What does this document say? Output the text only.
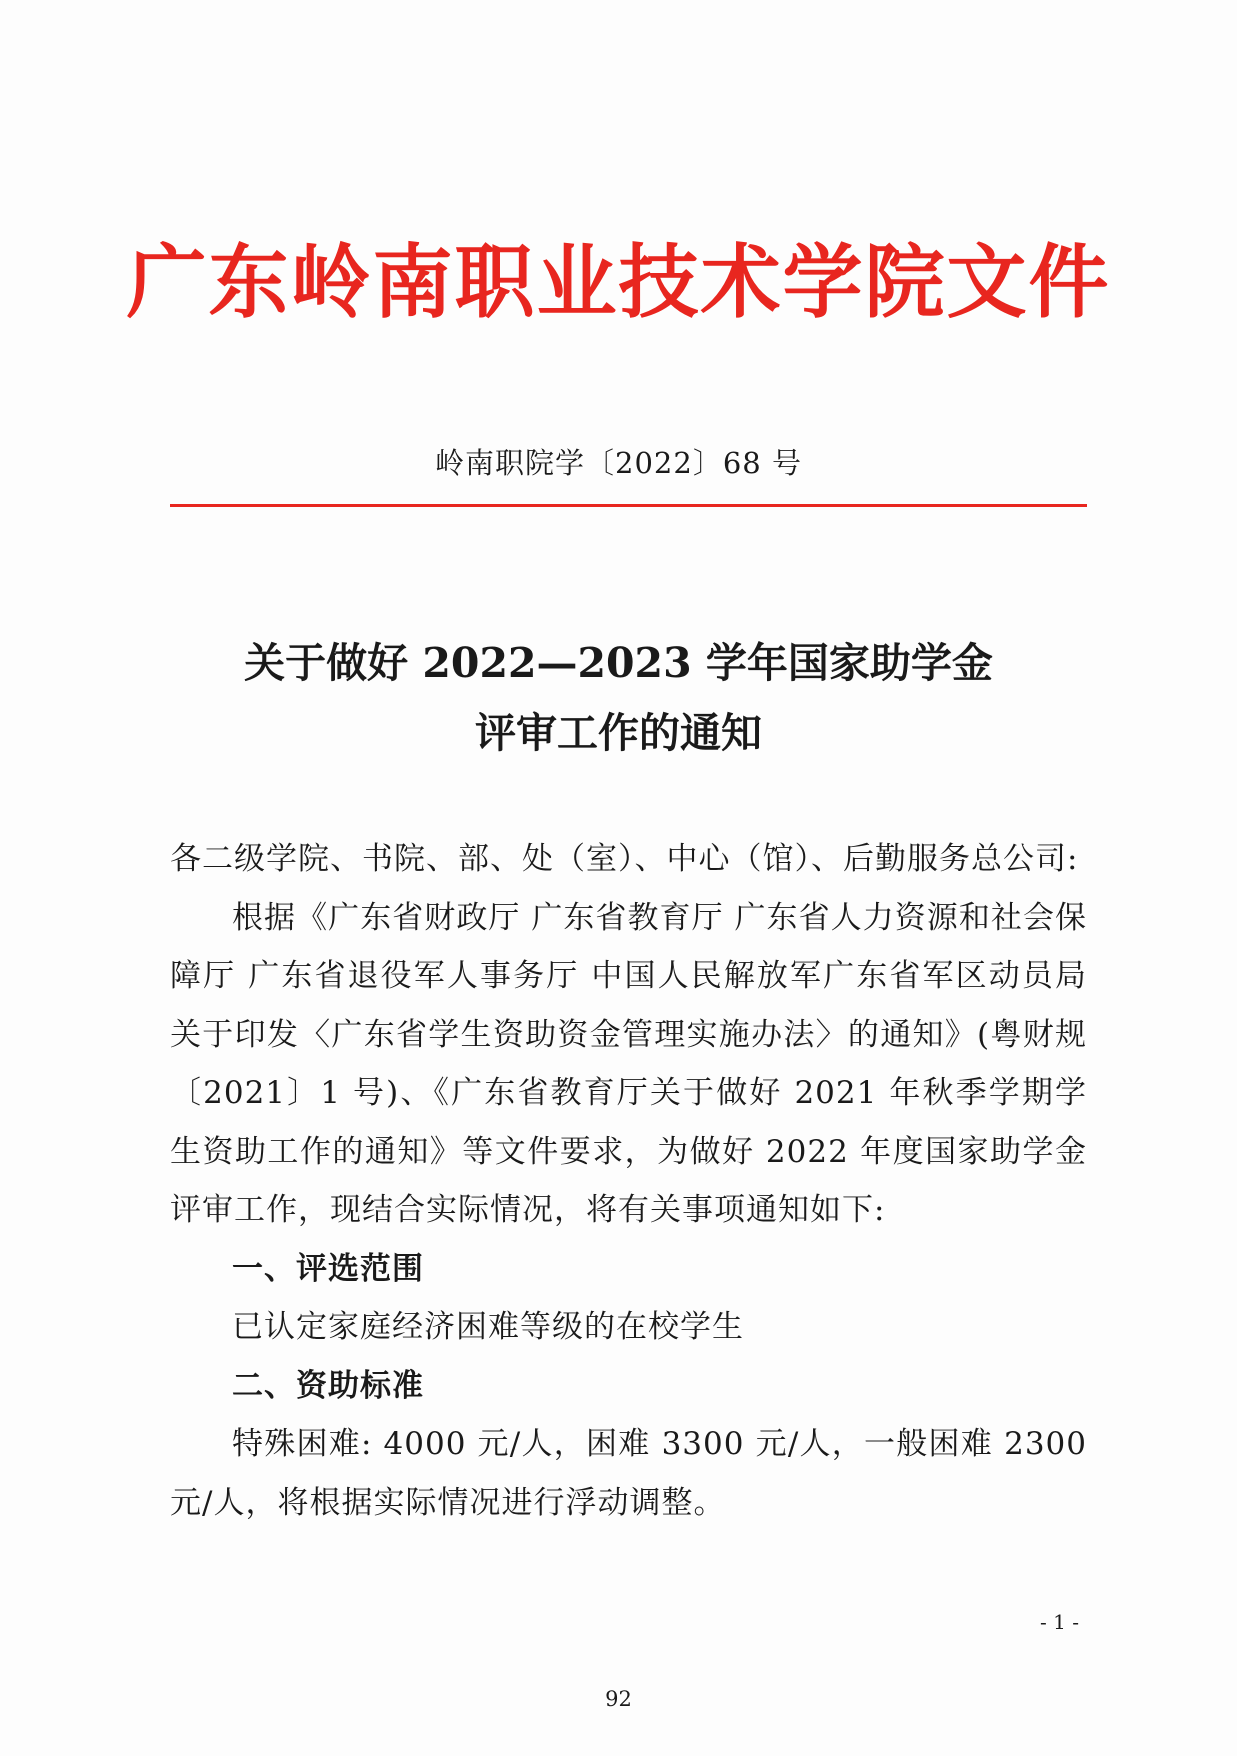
广东岭南职业技术学院文件
岭南职院学〔2022〕68 号
关于做好 2022—2023 学年国家助学金
评审工作的通知

各二级学院、书院、部、处（室）、中心（馆）、后勤服务总公司:

根据《广东省财政厅 广东省教育厅 广东省人力资源和社会保障厅 广东省退役军人事务厅 中国人民解放军广东省军区动员局关于印发〈广东省学生资助资金管理实施办法〉的通知》(粤财规〔2021〕1 号)、《广东省教育厅关于做好 2021 年秋季学期学生资助工作的通知》等文件要求，为做好 2022 年度国家助学金评审工作，现结合实际情况，将有关事项通知如下:

一、评选范围

已认定家庭经济困难等级的在校学生

二、资助标准

特殊困难: 4000 元/人，困难 3300 元/人，一般困难 2300 元/人，将根据实际情况进行浮动调整。

- 1 -
92
